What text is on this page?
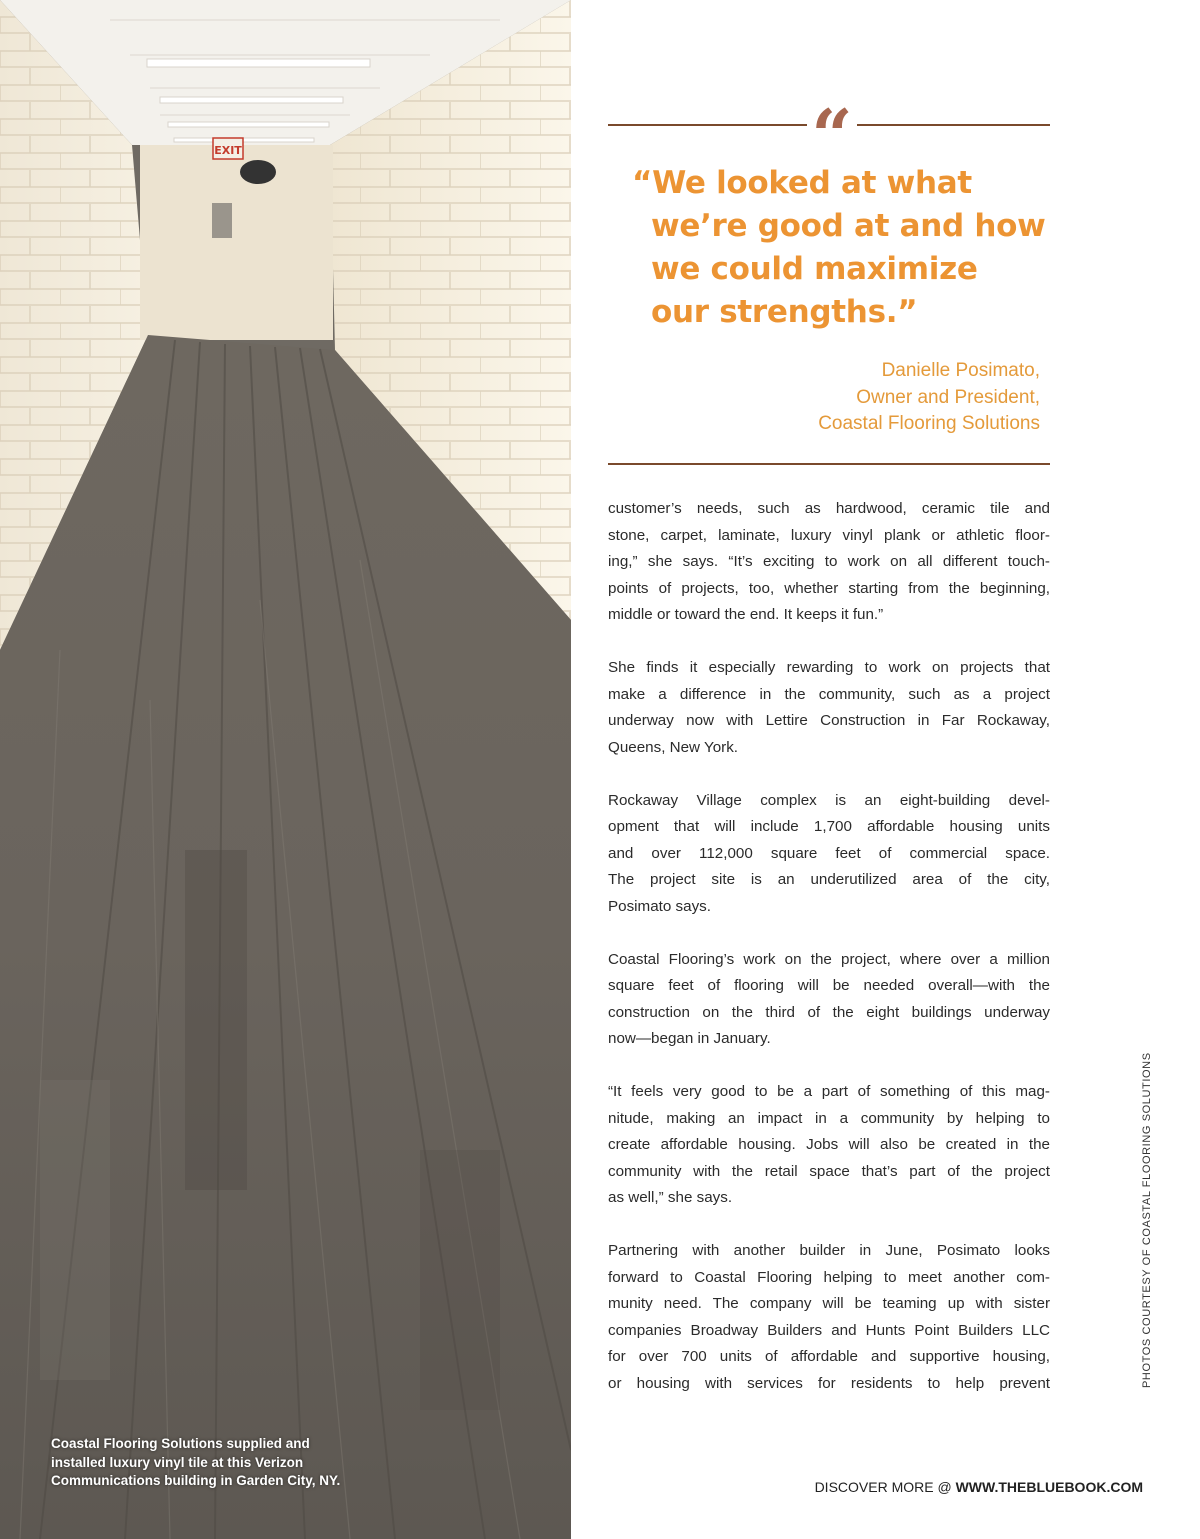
EXIT
Coastal Flooring Solutions supplied and
installed luxury vinyl tile at this Verizon
Communications building in Garden City, NY.
“
“We looked at what
we’re good at and how
we could maximize
our strengths.”
Danielle Posimato,
Owner and President,
Coastal Flooring Solutions

customer’s needs, such as hardwood, ceramic tile and
stone, carpet, laminate, luxury vinyl plank or athletic floor-
ing,” she says. “It’s exciting to work on all different touch-
points of projects, too, whether starting from the beginning,
middle or toward the end. It keeps it fun.”

She finds it especially rewarding to work on projects that
make a difference in the community, such as a project
underway now with Lettire Construction in Far Rockaway,
Queens, New York.

Rockaway Village complex is an eight-building devel-
opment that will include 1,700 affordable housing units
and over 112,000 square feet of commercial space.
The project site is an underutilized area of the city,
Posimato says.

Coastal Flooring’s work on the project, where over a million
square feet of flooring will be needed overall—with the
construction on the third of the eight buildings underway
now—began in January.

“It feels very good to be a part of something of this mag-
nitude, making an impact in a community by helping to
create affordable housing. Jobs will also be created in the
community with the retail space that’s part of the project
as well,” she says.

Partnering with another builder in June, Posimato looks
forward to Coastal Flooring helping to meet another com-
munity need. The company will be teaming up with sister
companies Broadway Builders and Hunts Point Builders LLC
for over 700 units of affordable and supportive housing,
or housing with services for residents to help prevent	PHOTOS COURTESY OF COASTAL FLOORING SOLUTIONS
DISCOVER MORE @ WWW.THEBLUEBOOK.COM
